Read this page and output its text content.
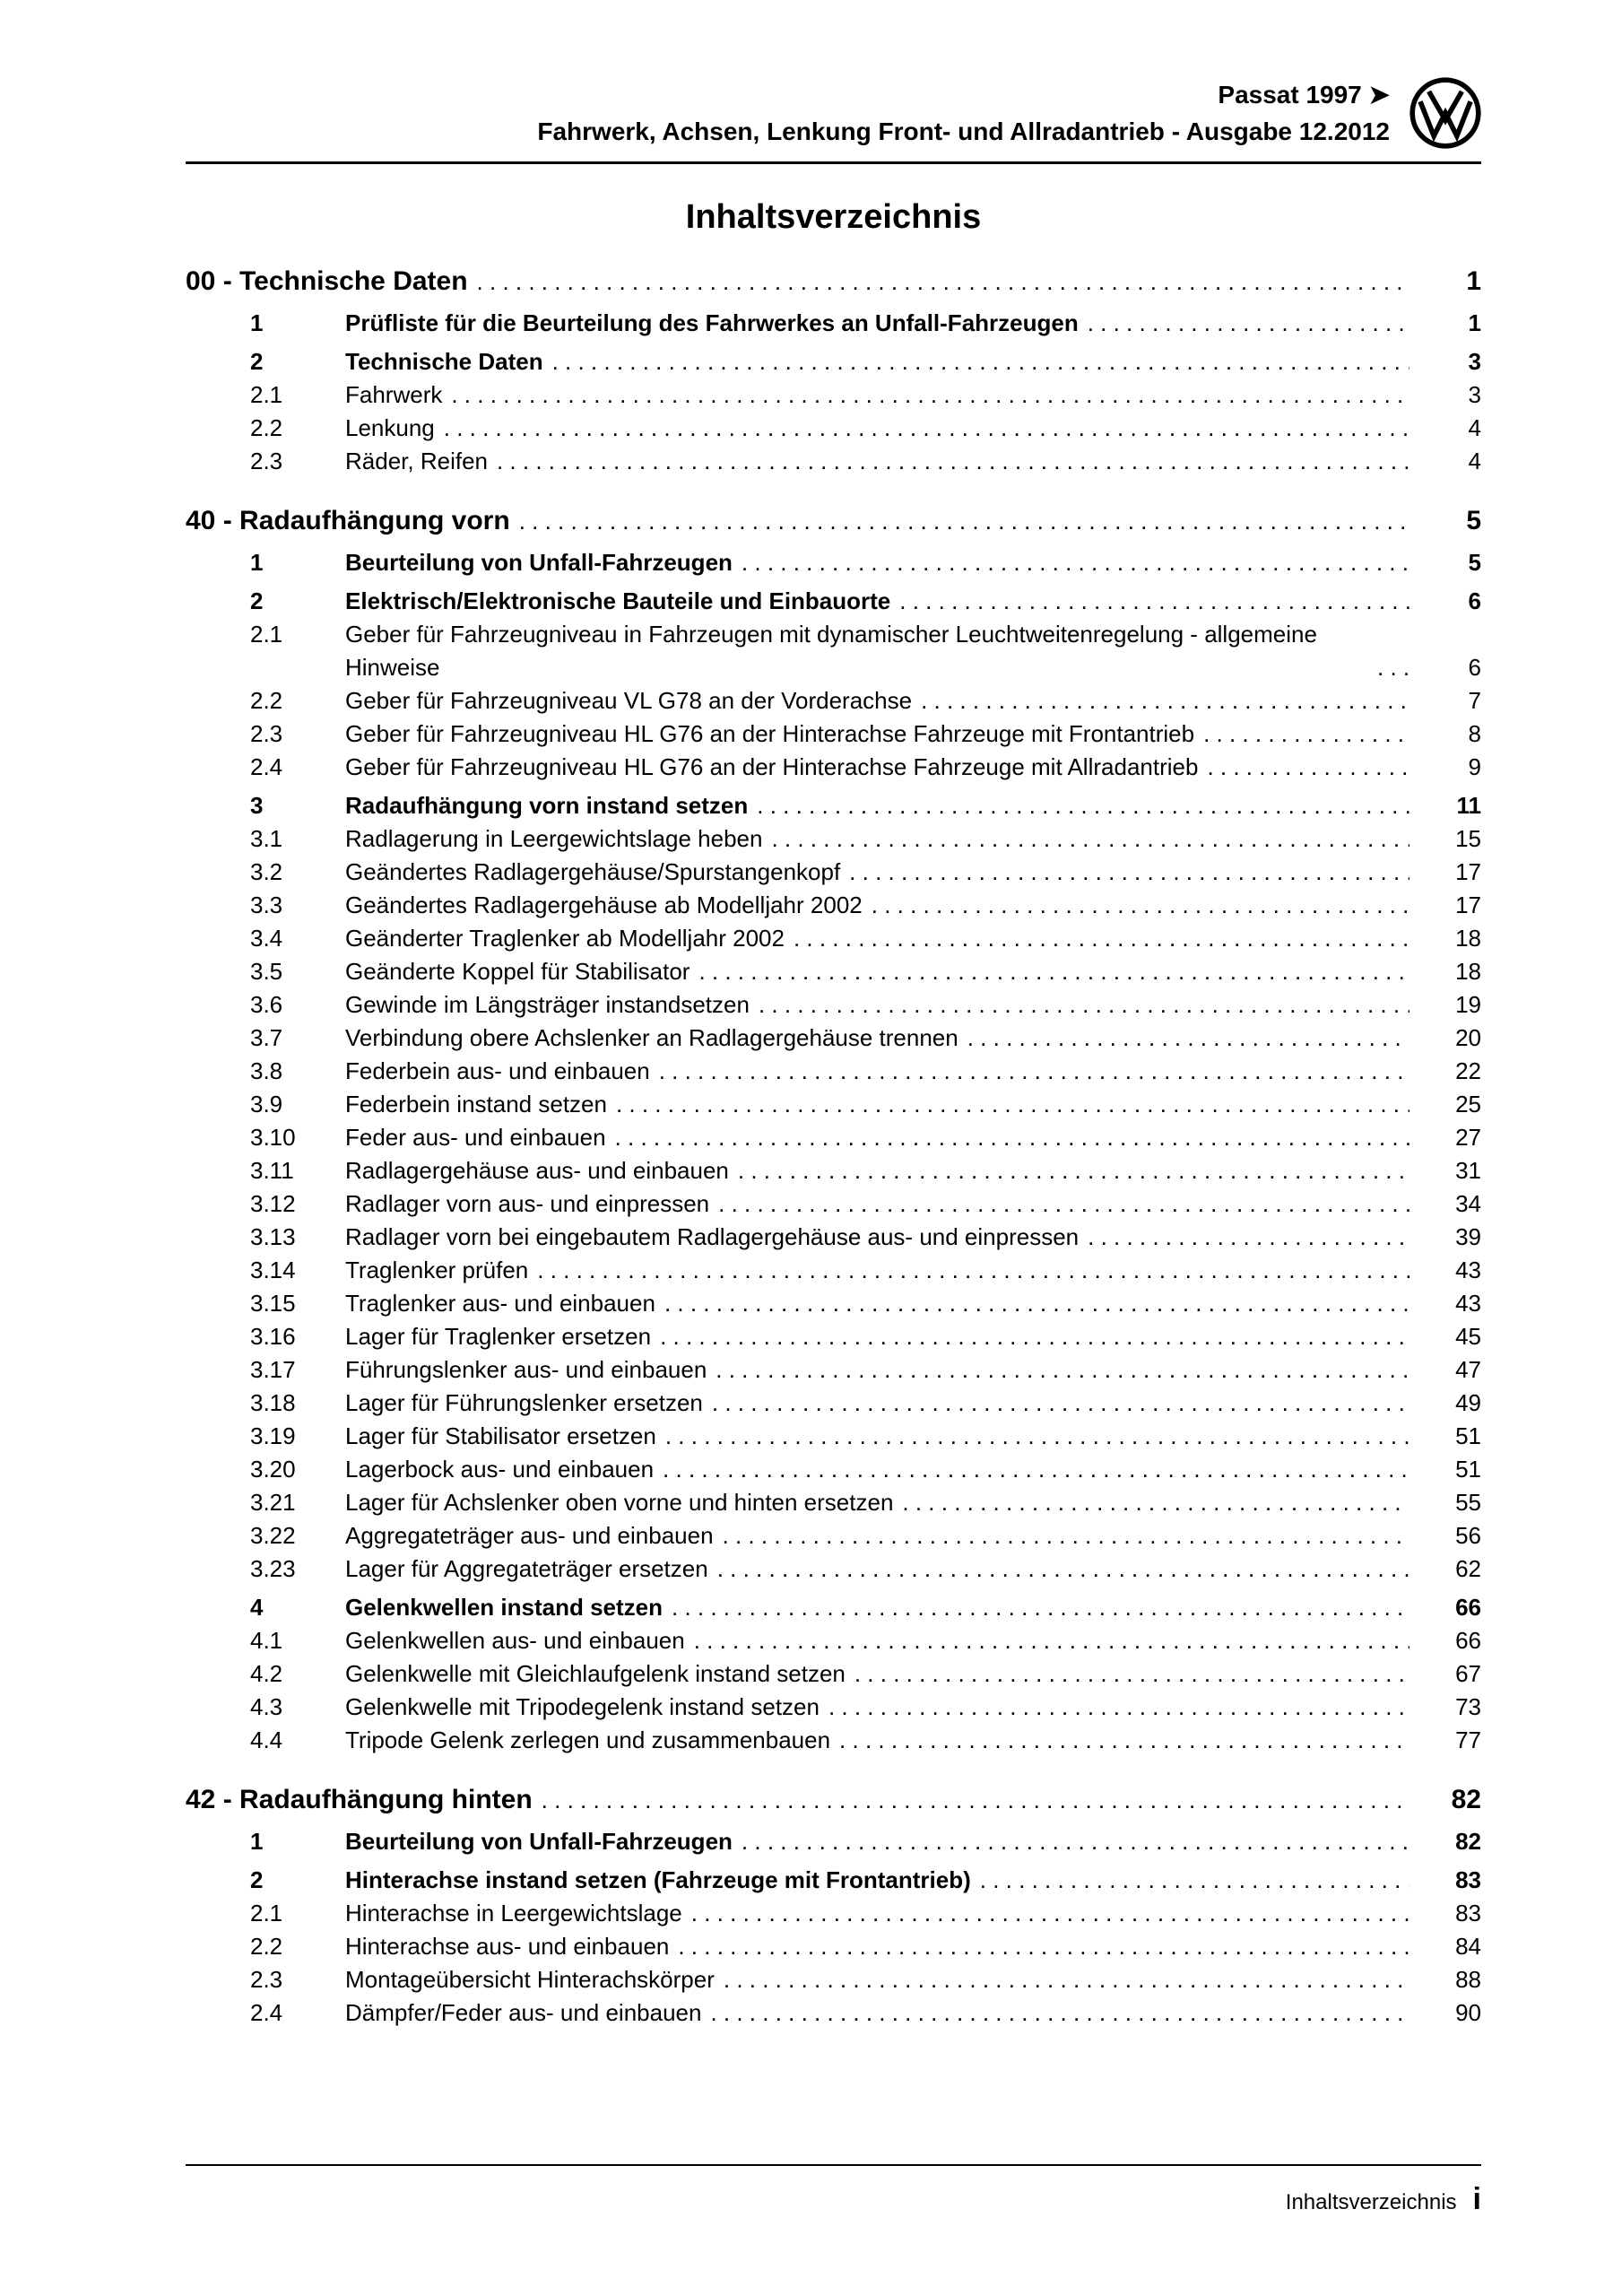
Passat 1997 ➤
Fahrwerk, Achsen, Lenkung Front- und Allradantrieb - Ausgabe 12.2012
Inhaltsverzeichnis
00 - Technische Daten . . .	1
1	Prüfliste für die Beurteilung des Fahrwerkes an Unfall-Fahrzeugen . . .	1
2	Technische Daten . . .	3
2.1	Fahrwerk . . .	3
2.2	Lenkung . . .	4
2.3	Räder, Reifen . . .	4
40 - Radaufhängung vorn . . .	5
1	Beurteilung von Unfall-Fahrzeugen . . .	5
2	Elektrisch/Elektronische Bauteile und Einbauorte . . .	6
2.1	Geber für Fahrzeugniveau in Fahrzeugen mit dynamischer Leuchtweitenregelung - allgemeine Hinweise . . .	6
2.2	Geber für Fahrzeugniveau VL G78 an der Vorderachse . . .	7
2.3	Geber für Fahrzeugniveau HL G76 an der Hinterachse Fahrzeuge mit Frontantrieb . . .	8
2.4	Geber für Fahrzeugniveau HL G76 an der Hinterachse Fahrzeuge mit Allradantrieb . . .	9
3	Radaufhängung vorn instand setzen . . .	11
3.1	Radlagerung in Leergewichtslage heben . . .	15
3.2	Geändertes Radlagergehäuse/Spurstangenkopf . . .	17
3.3	Geändertes Radlagergehäuse ab Modelljahr 2002 . . .	17
3.4	Geänderter Traglenker ab Modelljahr 2002 . . .	18
3.5	Geänderte Koppel für Stabilisator . . .	18
3.6	Gewinde im Längsträger instandsetzen . . .	19
3.7	Verbindung obere Achslenker an Radlagergehäuse trennen . . .	20
3.8	Federbein aus- und einbauen . . .	22
3.9	Federbein instand setzen . . .	25
3.10	Feder aus- und einbauen . . .	27
3.11	Radlagergehäuse aus- und einbauen . . .	31
3.12	Radlager vorn aus- und einpressen . . .	34
3.13	Radlager vorn bei eingebautem Radlagergehäuse aus- und einpressen . . .	39
3.14	Traglenker prüfen . . .	43
3.15	Traglenker aus- und einbauen . . .	43
3.16	Lager für Traglenker ersetzen . . .	45
3.17	Führungslenker aus- und einbauen . . .	47
3.18	Lager für Führungslenker ersetzen . . .	49
3.19	Lager für Stabilisator ersetzen . . .	51
3.20	Lagerbock aus- und einbauen . . .	51
3.21	Lager für Achslenker oben vorne und hinten ersetzen . . .	55
3.22	Aggregateträger aus- und einbauen . . .	56
3.23	Lager für Aggregateträger ersetzen . . .	62
4	Gelenkwellen instand setzen . . .	66
4.1	Gelenkwellen aus- und einbauen . . .	66
4.2	Gelenkwelle mit Gleichlaufgelenk instand setzen . . .	67
4.3	Gelenkwelle mit Tripodegelenk instand setzen . . .	73
4.4	Tripode Gelenk zerlegen und zusammenbauen . . .	77
42 - Radaufhängung hinten . . .	82
1	Beurteilung von Unfall-Fahrzeugen . . .	82
2	Hinterachse instand setzen (Fahrzeuge mit Frontantrieb) . . .	83
2.1	Hinterachse in Leergewichtslage . . .	83
2.2	Hinterachse aus- und einbauen . . .	84
2.3	Montageübersicht Hinterachskörper . . .	88
2.4	Dämpfer/Feder aus- und einbauen . . .	90
Inhaltsverzeichnis i
